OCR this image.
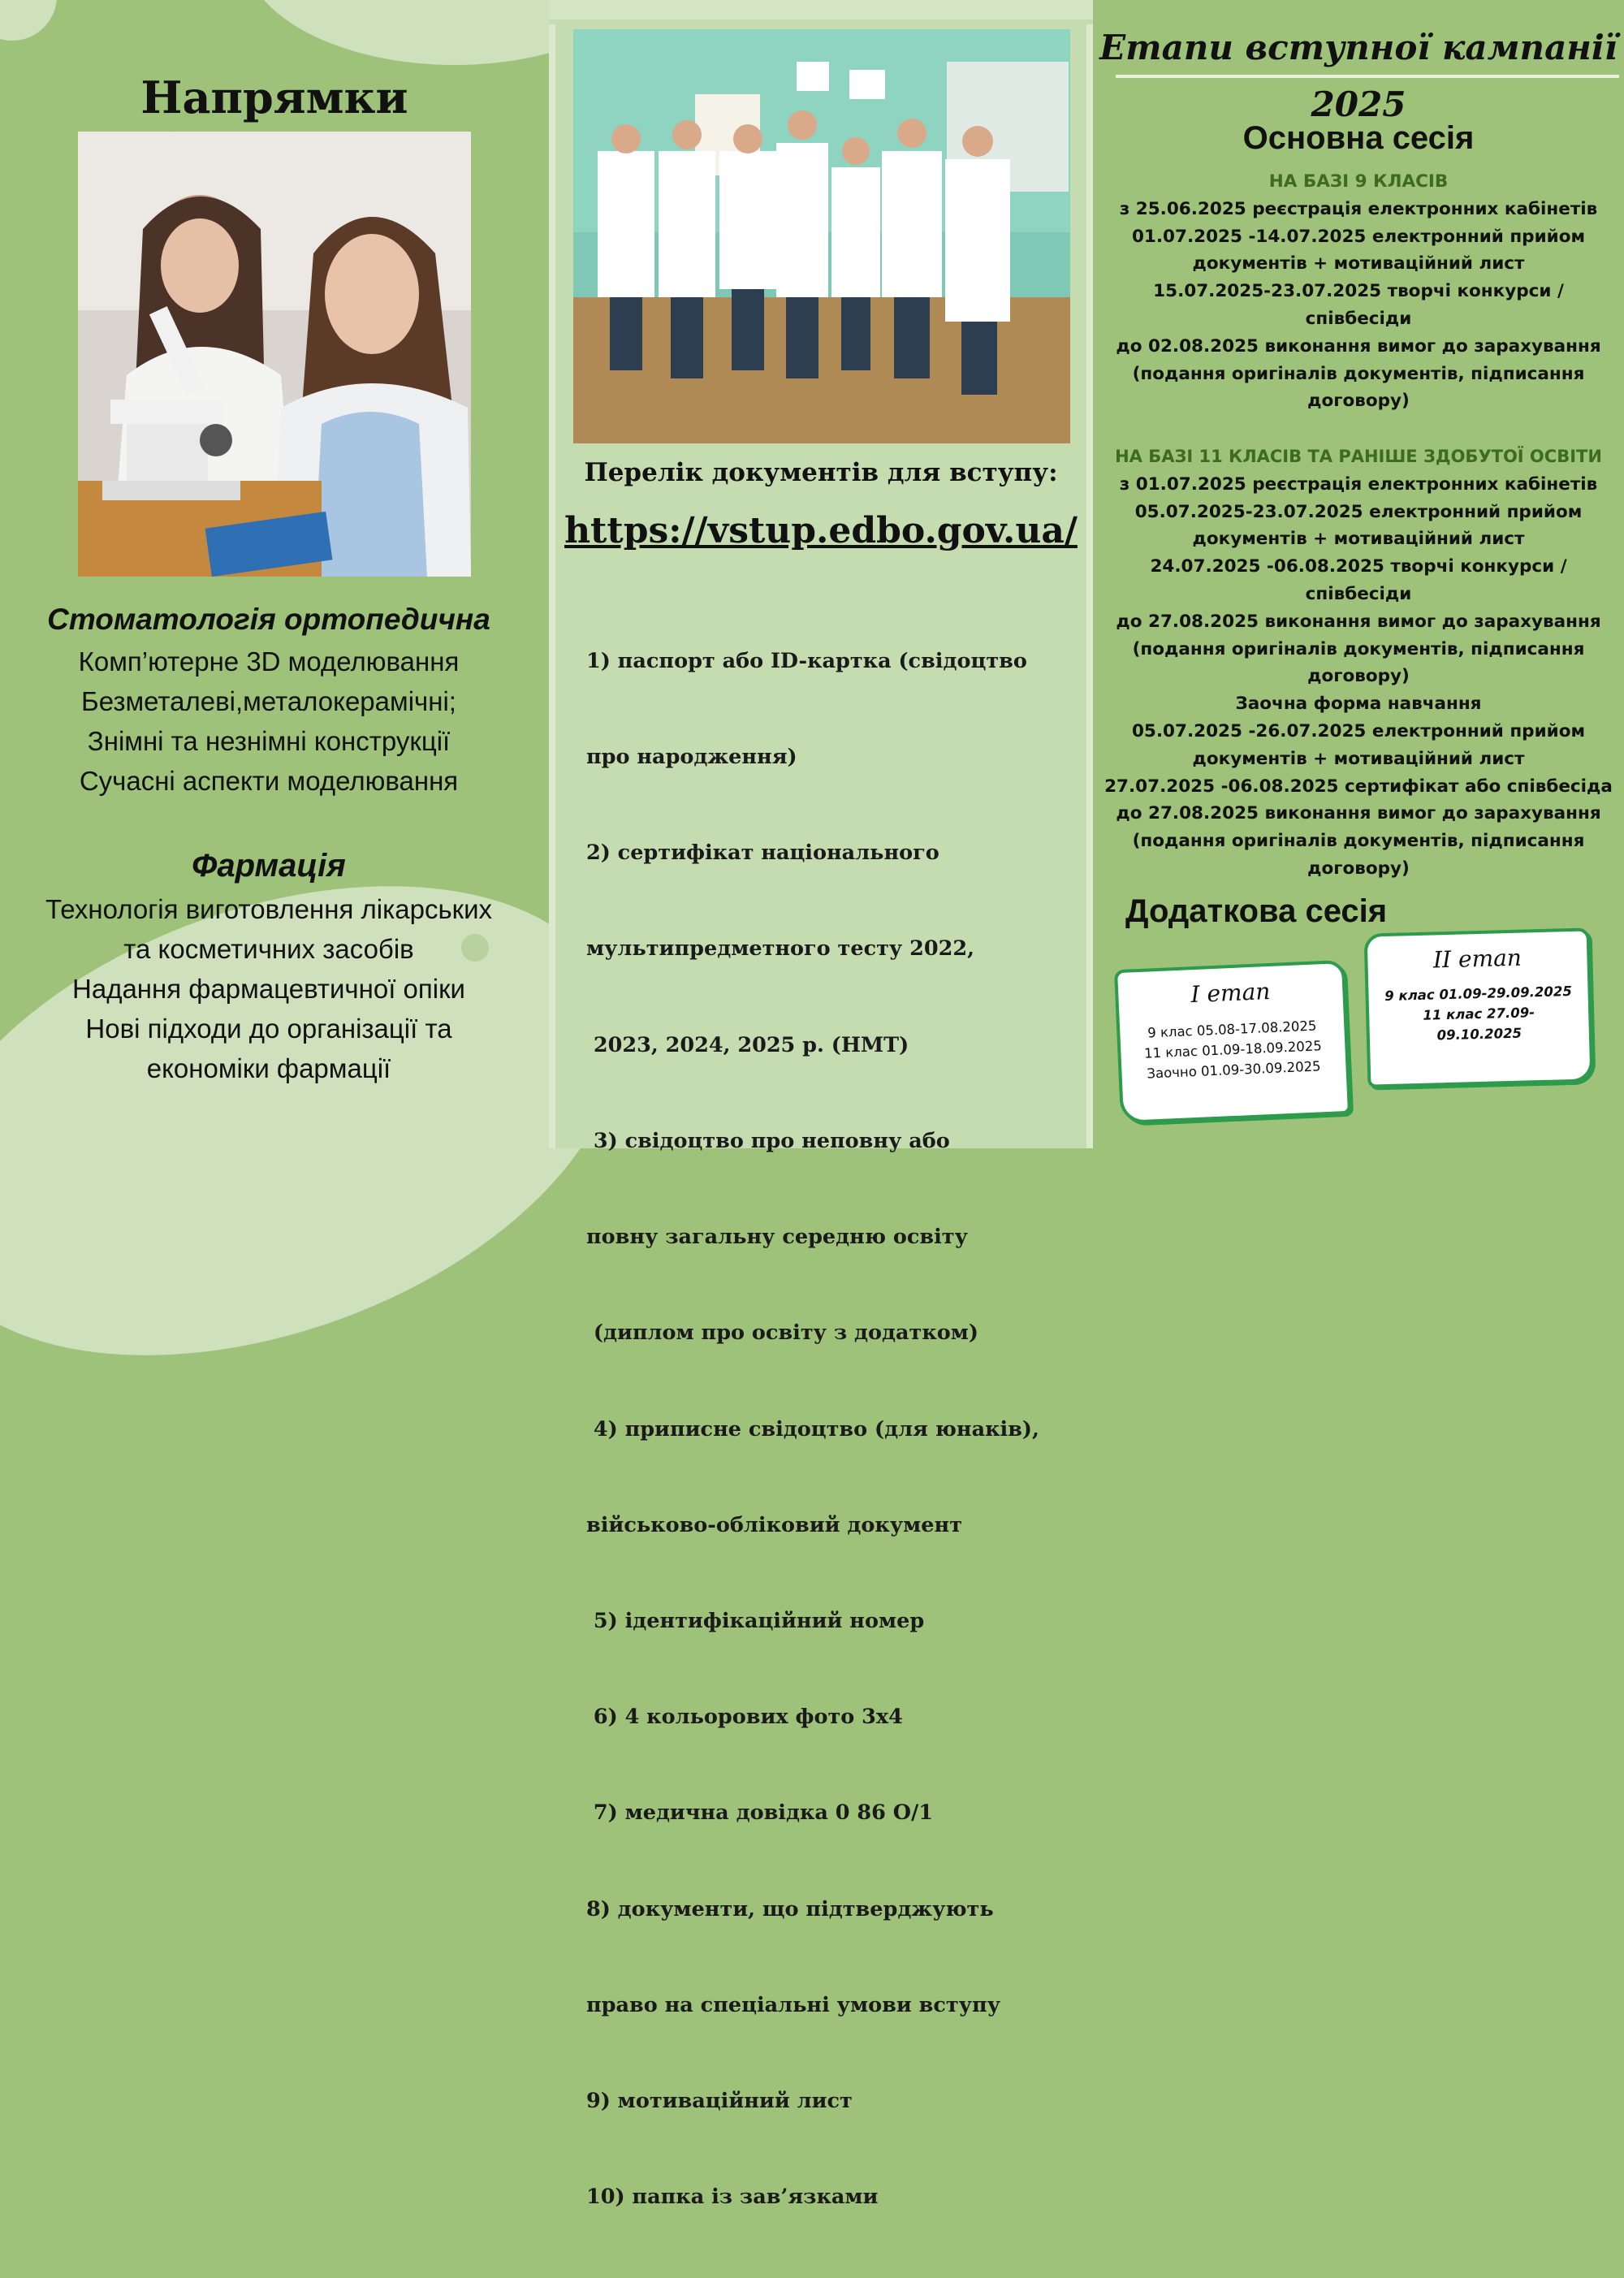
Напрямки
Стоматологія ортопедична
Комп’ютерне 3D моделювання
Безметалеві,металокерамічні;
Знімні та незнімні конструкції
Сучасні аспекти моделювання
Фармація
Технологія виготовлення лікарських
та косметичних засобів
Надання фармацевтичної опіки
Нові підходи до організації та
економіки фармації
Перелік документів для вступу:
https://vstup.edbo.gov.ua/

1) паспорт або ID-картка (свідоцтво

про народження)

2) сертифікат національного

мультипредметного тесту 2022,

2023, 2024, 2025 р. (НМТ)

3) свідоцтво про неповну або

повну загальну середню освіту

(диплом про освіту з додатком)

4) приписне свідоцтво (для юнаків),

військово-обліковий документ

5) ідентифікаційний номер

6) 4 кольорових фото 3х4

7) медична довідка 0 86 О/1

8) документи, що підтверджують

право на спеціальні умови вступу

9) мотиваційний лист

10) папка із зав’язками

Етапи вступної кампанії
2025
Основна сесія
НА БАЗІ 9 КЛАСІВ
з 25.06.2025 реєстрація електронних кабінетів
01.07.2025 -14.07.2025 електронний прийом
документів + мотиваційний лист
15.07.2025-23.07.2025 творчі конкурси /
співбесіди
до 02.08.2025 виконання вимог до зарахування
(подання оригіналів документів, підписання
договору)
НА БАЗІ 11 КЛАСІВ ТА РАНІШЕ ЗДОБУТОЇ ОСВІТИ
з 01.07.2025 реєстрація електронних кабінетів
05.07.2025-23.07.2025 електронний прийом
документів + мотиваційний лист
24.07.2025 -06.08.2025 творчі конкурси /
співбесіди
до 27.08.2025 виконання вимог до зарахування
(подання оригіналів документів, підписання
договору)
Заочна форма навчання
05.07.2025 -26.07.2025 електронний прийом
документів + мотиваційний лист
27.07.2025 -06.08.2025 сертифікат або співбесіда
до 27.08.2025 виконання вимог до зарахування
(подання оригіналів документів, підписання
договору)
Додаткова сесія
І етап
9 клас 05.08-17.08.2025
11 клас 01.09-18.09.2025
Заочно 01.09-30.09.2025
ІІ етап
9 клас 01.09-29.09.2025
11 клас 27.09-
09.10.2025
